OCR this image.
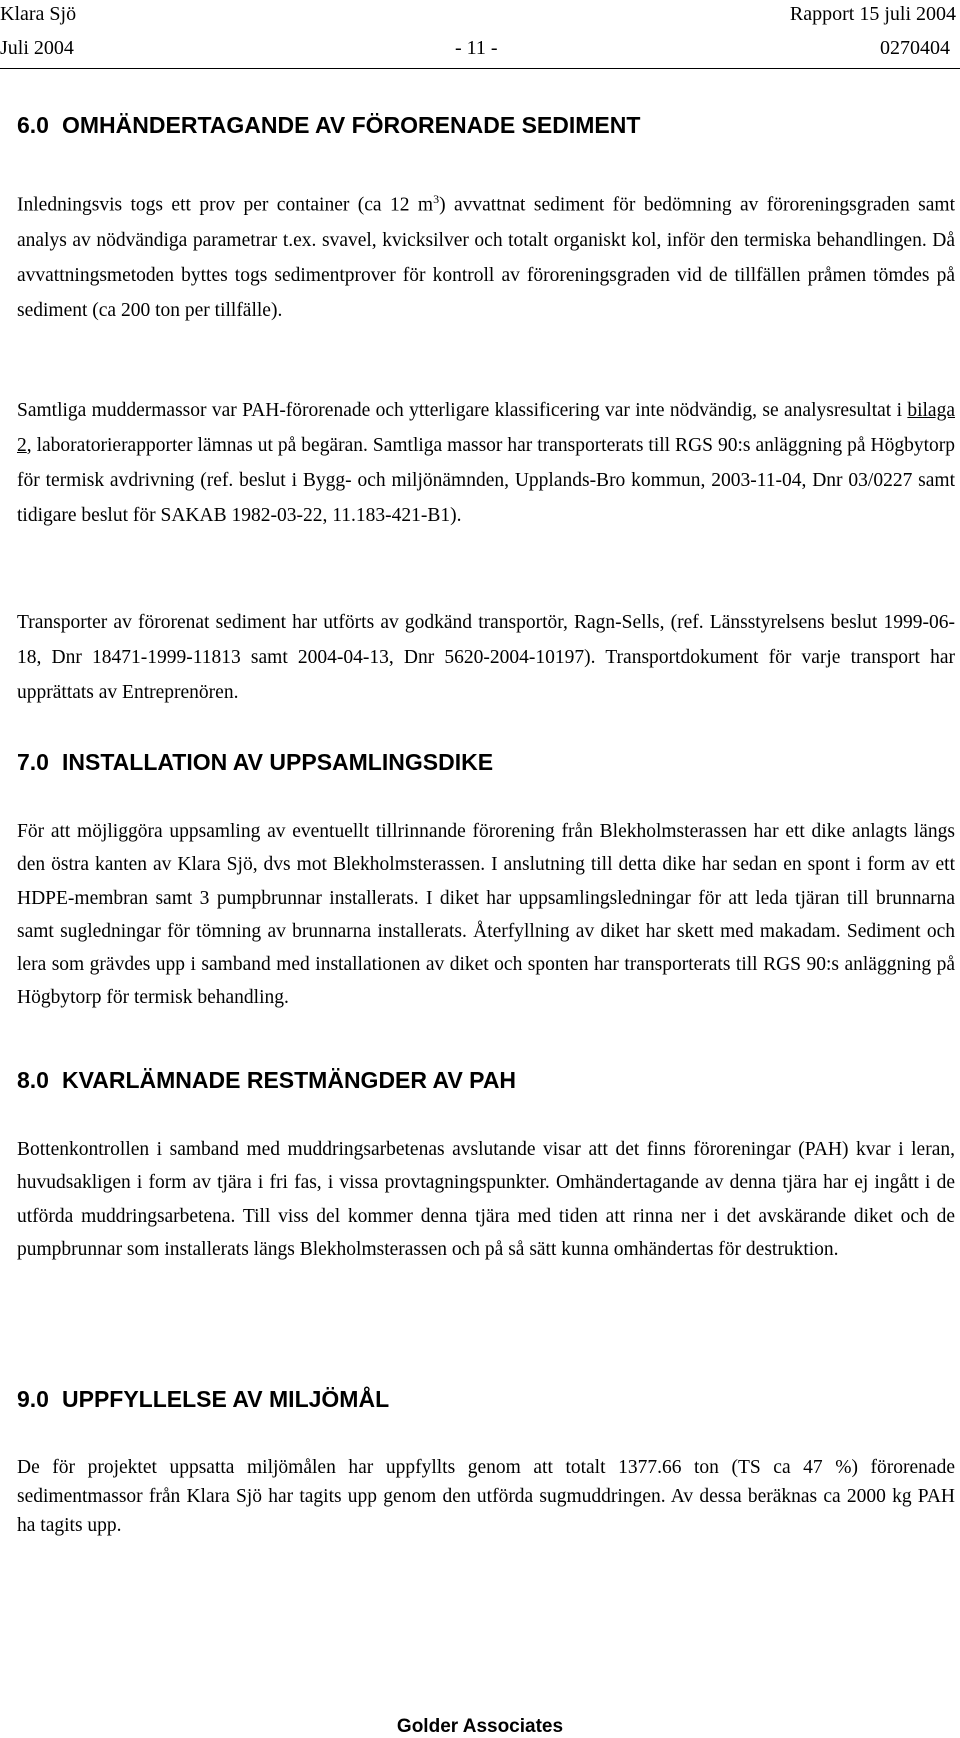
Klara Sjö	Rapport 15 juli 2004
Juli 2004	- 11 -	0270404
6.0 OMHÄNDERTAGANDE AV FÖRORENADE SEDIMENT

Inledningsvis togs ett prov per container (ca 12 $m^3$) avvattnat sediment för bedömning av föroreningsgraden samt analys av nödvändiga parametrar t.ex. svavel, kvicksilver och totalt organiskt kol, inför den termiska behandlingen. Då avvattningsmetoden byttes togs sedimentprover för kontroll av föroreningsgraden vid de tillfällen pråmen tömdes på sediment (ca 200 ton per tillfälle).

Samtliga muddermassor var PAH-förorenade och ytterligare klassificering var inte nödvändig, se analysresultat i bilaga 2, laboratorierapporter lämnas ut på begäran. Samtliga massor har transporterats till RGS 90:s anläggning på Högbytorp för termisk avdrivning (ref. beslut i Bygg- och miljönämnden, Upplands-Bro kommun, 2003-11-04, Dnr 03/0227 samt tidigare beslut för SAKAB 1982-03-22, 11.183-421-B1).

Transporter av förorenat sediment har utförts av godkänd transportör, Ragn-Sells, (ref. Länsstyrelsens beslut 1999-06-18, Dnr 18471-1999-11813 samt 2004-04-13, Dnr 5620-2004-10197). Transportdokument för varje transport har upprättats av Entreprenören.

7.0 INSTALLATION AV UPPSAMLINGSDIKE

För att möjliggöra uppsamling av eventuellt tillrinnande förorening från Blekholmsterassen har ett dike anlagts längs den östra kanten av Klara Sjö, dvs mot Blekholmsterassen. I anslutning till detta dike har sedan en spont i form av ett HDPE-membran samt 3 pumpbrunnar installerats. I diket har uppsamlingsledningar för att leda tjäran till brunnarna samt sugledningar för tömning av brunnarna installerats. Återfyllning av diket har skett med makadam. Sediment och lera som grävdes upp i samband med installationen av diket och sponten har transporterats till RGS 90:s anläggning på Högbytorp för termisk behandling.

8.0 KVARLÄMNADE RESTMÄNGDER AV PAH

Bottenkontrollen i samband med muddringsarbetenas avslutande visar att det finns föroreningar (PAH) kvar i leran, huvudsakligen i form av tjära i fri fas, i vissa provtagningspunkter. Omhändertagande av denna tjära har ej ingått i de utförda muddringsarbetena. Till viss del kommer denna tjära med tiden att rinna ner i det avskärande diket och de pumpbrunnar som installerats längs Blekholmsterassen och på så sätt kunna omhändertas för destruktion.

9.0 UPPFYLLELSE AV MILJÖMÅL

De för projektet uppsatta miljömålen har uppfyllts genom att totalt 1377.66 ton (TS ca 47 %) förorenade sedimentmassor från Klara Sjö har tagits upp genom den utförda sugmuddringen. Av dessa beräknas ca 2000 kg PAH ha tagits upp.

Golder Associates
